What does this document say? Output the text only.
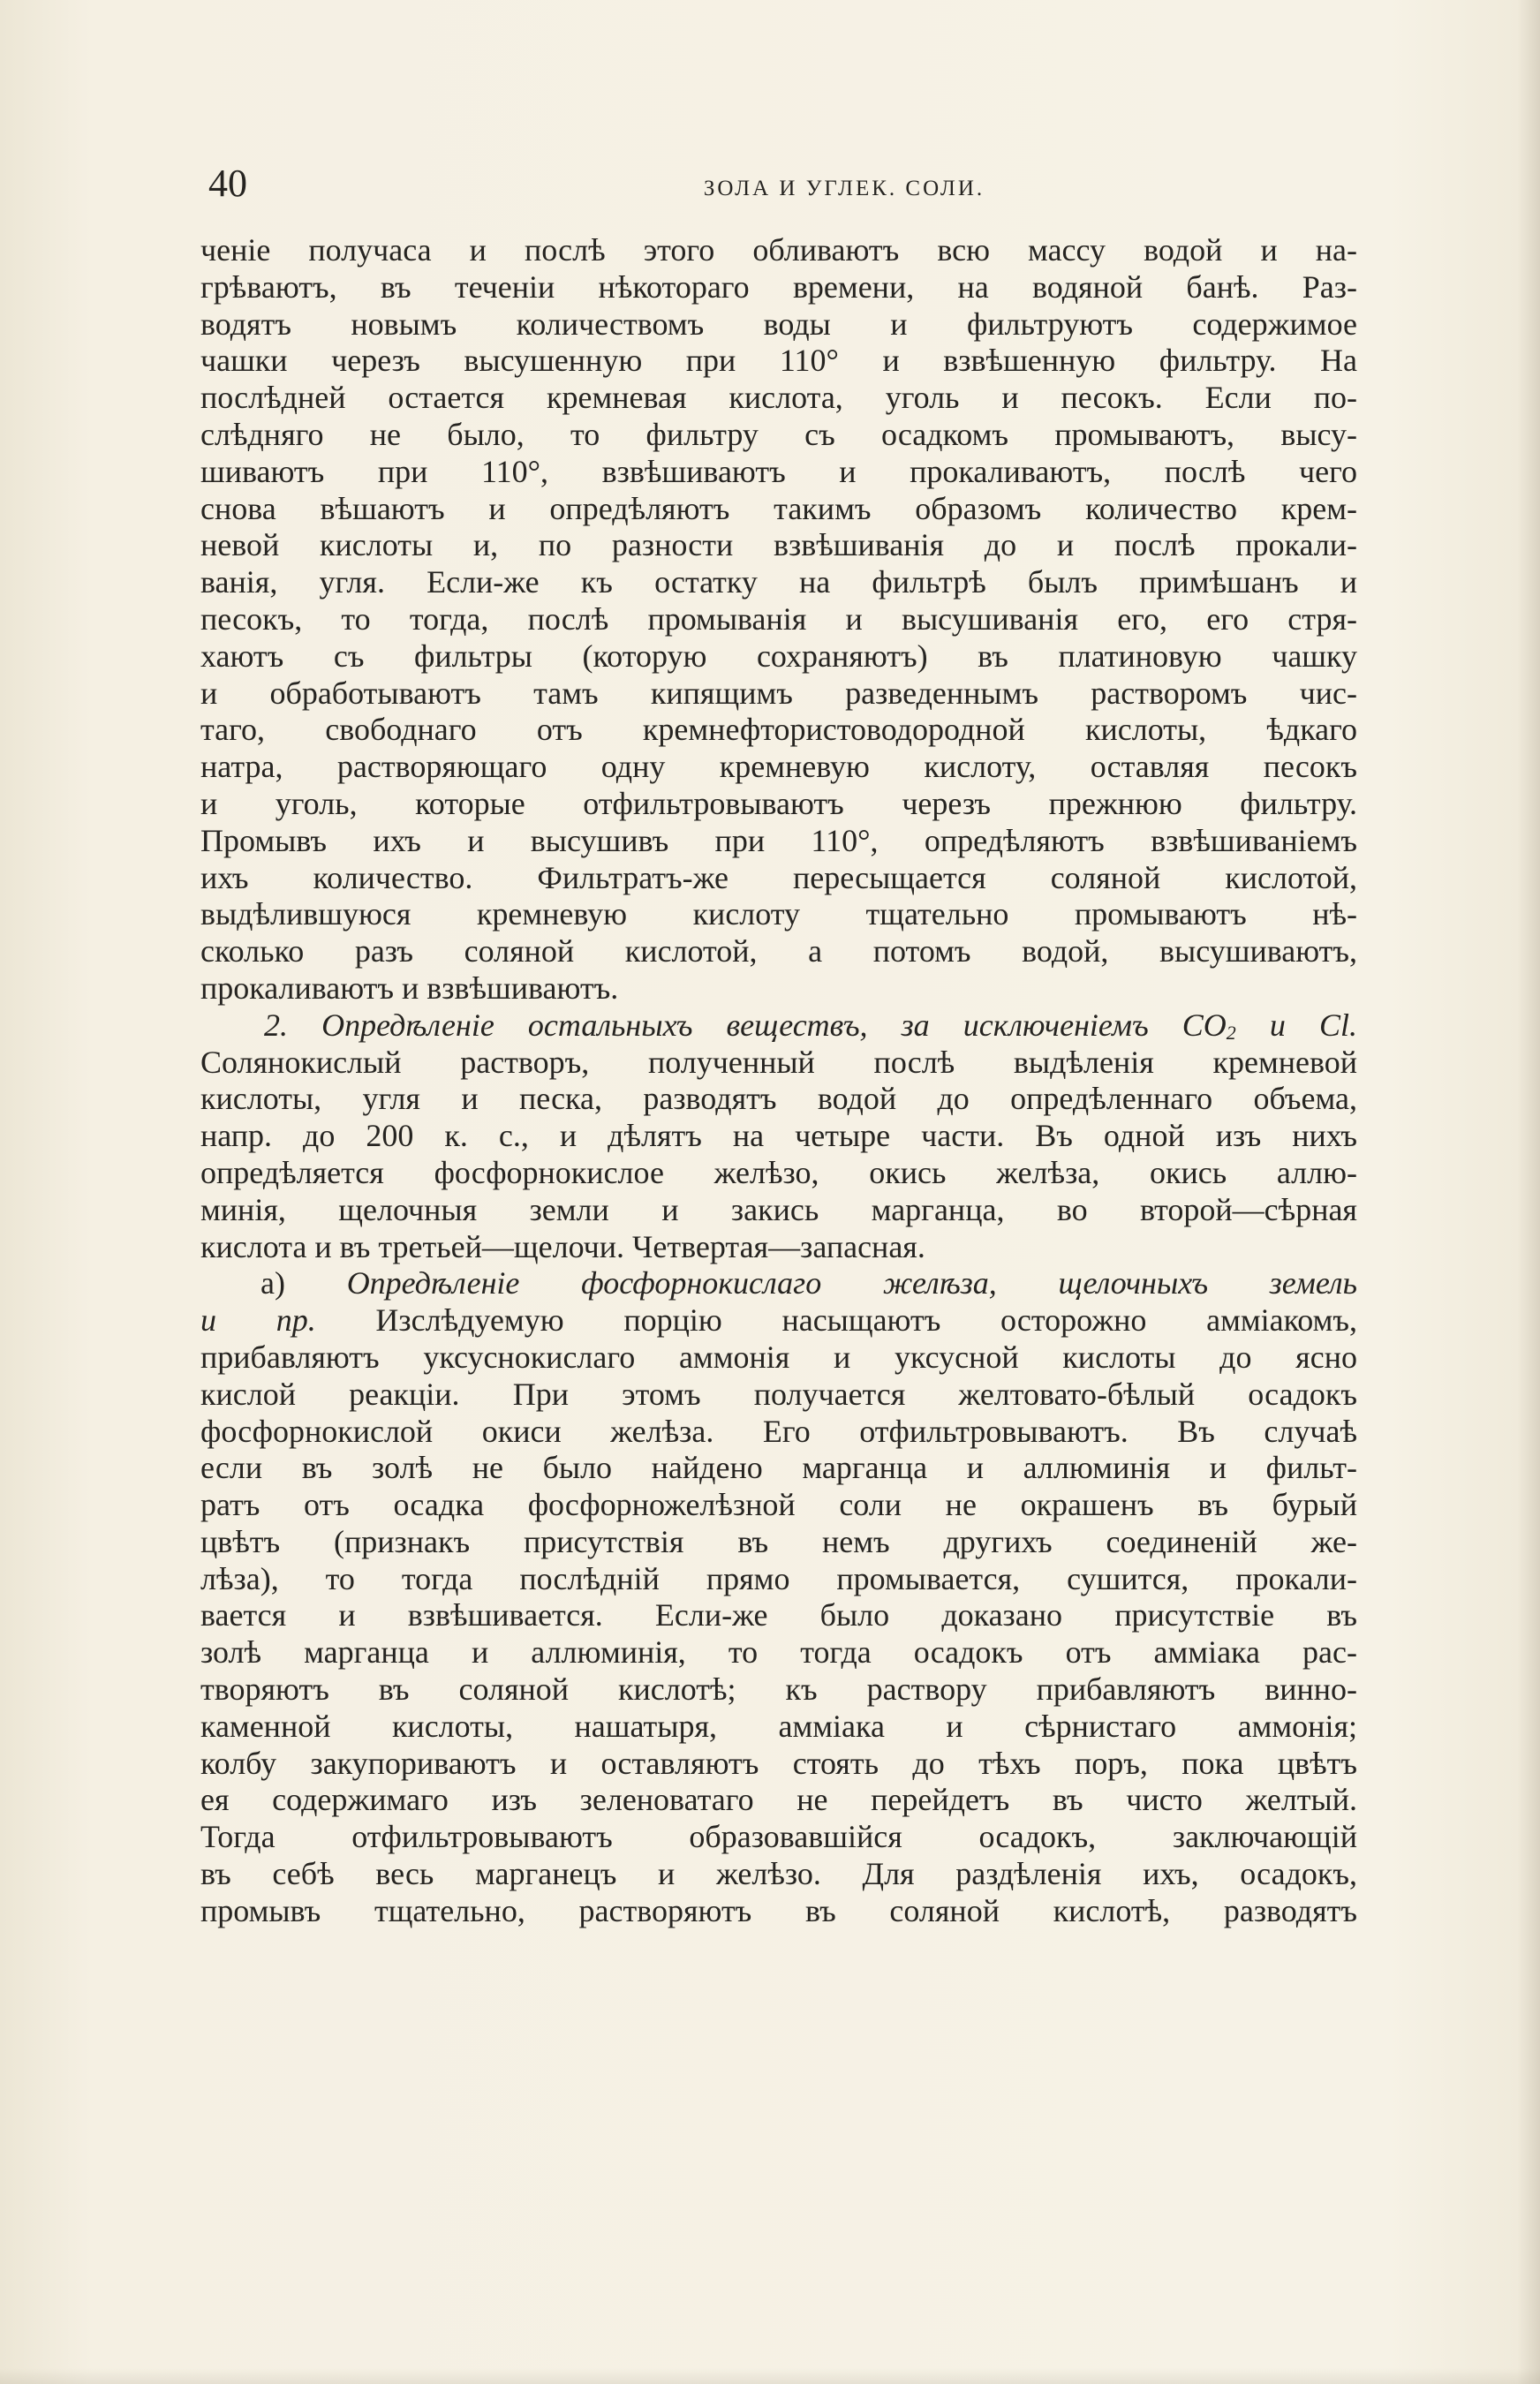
40	ЗОЛА И УГЛЕК. СОЛИ.
ченіе получаса и послѣ этого обливаютъ всю массу водой и на-
грѣваютъ, въ теченіи нѣкотораго времени, на водяной банѣ. Раз-
водятъ новымъ количествомъ воды и фильтруютъ содержимое
чашки черезъ высушенную при 110° и взвѣшенную фильтру. На
послѣдней остается кремневая кислота, уголь и песокъ. Если по-
слѣдняго не было, то фильтру съ осадкомъ промываютъ, высу-
шиваютъ при 110°, взвѣшиваютъ и прокаливаютъ, послѣ чего
снова вѣшаютъ и опредѣляютъ такимъ образомъ количество крем-
невой кислоты и, по разности взвѣшиванія до и послѣ прокали-
ванія, угля. Если-же къ остатку на фильтрѣ былъ примѣшанъ и
песокъ, то тогда, послѣ промыванія и высушиванія его, его стря-
хаютъ съ фильтры (которую сохраняютъ) въ платиновую чашку
и обработываютъ тамъ кипящимъ разведеннымъ растворомъ чис-
таго, свободнаго отъ кремнефтористоводородной кислоты, ѣдкаго
натра, растворяющаго одну кремневую кислоту, оставляя песокъ
и уголь, которые отфильтровываютъ черезъ прежнюю фильтру.
Промывъ ихъ и высушивъ при 110°, опредѣляютъ взвѣшиваніемъ
ихъ количество. Фильтратъ-же пересыщается соляной кислотой,
выдѣлившуюся кремневую кислоту тщательно промываютъ нѣ-
сколько разъ соляной кислотой, а потомъ водой, высушиваютъ,
прокаливаютъ и взвѣшиваютъ.
2. Опредѣленіе остальныхъ веществъ, за исключеніемъ CO2 и Cl.
Солянокислый растворъ, полученный послѣ выдѣленія кремневой
кислоты, угля и песка, разводятъ водой до опредѣленнаго объема,
напр. до 200 к. с., и дѣлятъ на четыре части. Въ одной изъ нихъ
опредѣляется фосфорнокислое желѣзо, окись желѣза, окись аллю-
минія, щелочныя земли и закись марганца, во второй—сѣрная
кислота и въ третьей—щелочи. Четвертая—запасная.
а) Опредѣленіе фосфорнокислаго желѣза, щелочныхъ земель
и пр. Изслѣдуемую порцію насыщаютъ осторожно амміакомъ,
прибавляютъ уксуснокислаго аммонія и уксусной кислоты до ясно
кислой реакціи. При этомъ получается желтовато-бѣлый осадокъ
фосфорнокислой окиси желѣза. Его отфильтровываютъ. Въ случаѣ
если въ золѣ не было найдено марганца и аллюминія и фильт-
ратъ отъ осадка фосфорножелѣзной соли не окрашенъ въ бурый
цвѣтъ (признакъ присутствія въ немъ другихъ соединеній же-
лѣза), то тогда послѣдній прямо промывается, сушится, прокали-
вается и взвѣшивается. Если-же было доказано присутствіе въ
золѣ марганца и аллюминія, то тогда осадокъ отъ амміака рас-
творяютъ въ соляной кислотѣ; къ раствору прибавляютъ винно-
каменной кислоты, нашатыря, амміака и сѣрнистаго аммонія;
колбу закупориваютъ и оставляютъ стоять до тѣхъ поръ, пока цвѣтъ
ея содержимаго изъ зеленоватаго не перейдетъ въ чисто желтый.
Тогда отфильтровываютъ образовавшійся осадокъ, заключающій
въ себѣ весь марганецъ и желѣзо. Для раздѣленія ихъ, осадокъ,
промывъ тщательно, растворяютъ въ соляной кислотѣ, разводятъ
